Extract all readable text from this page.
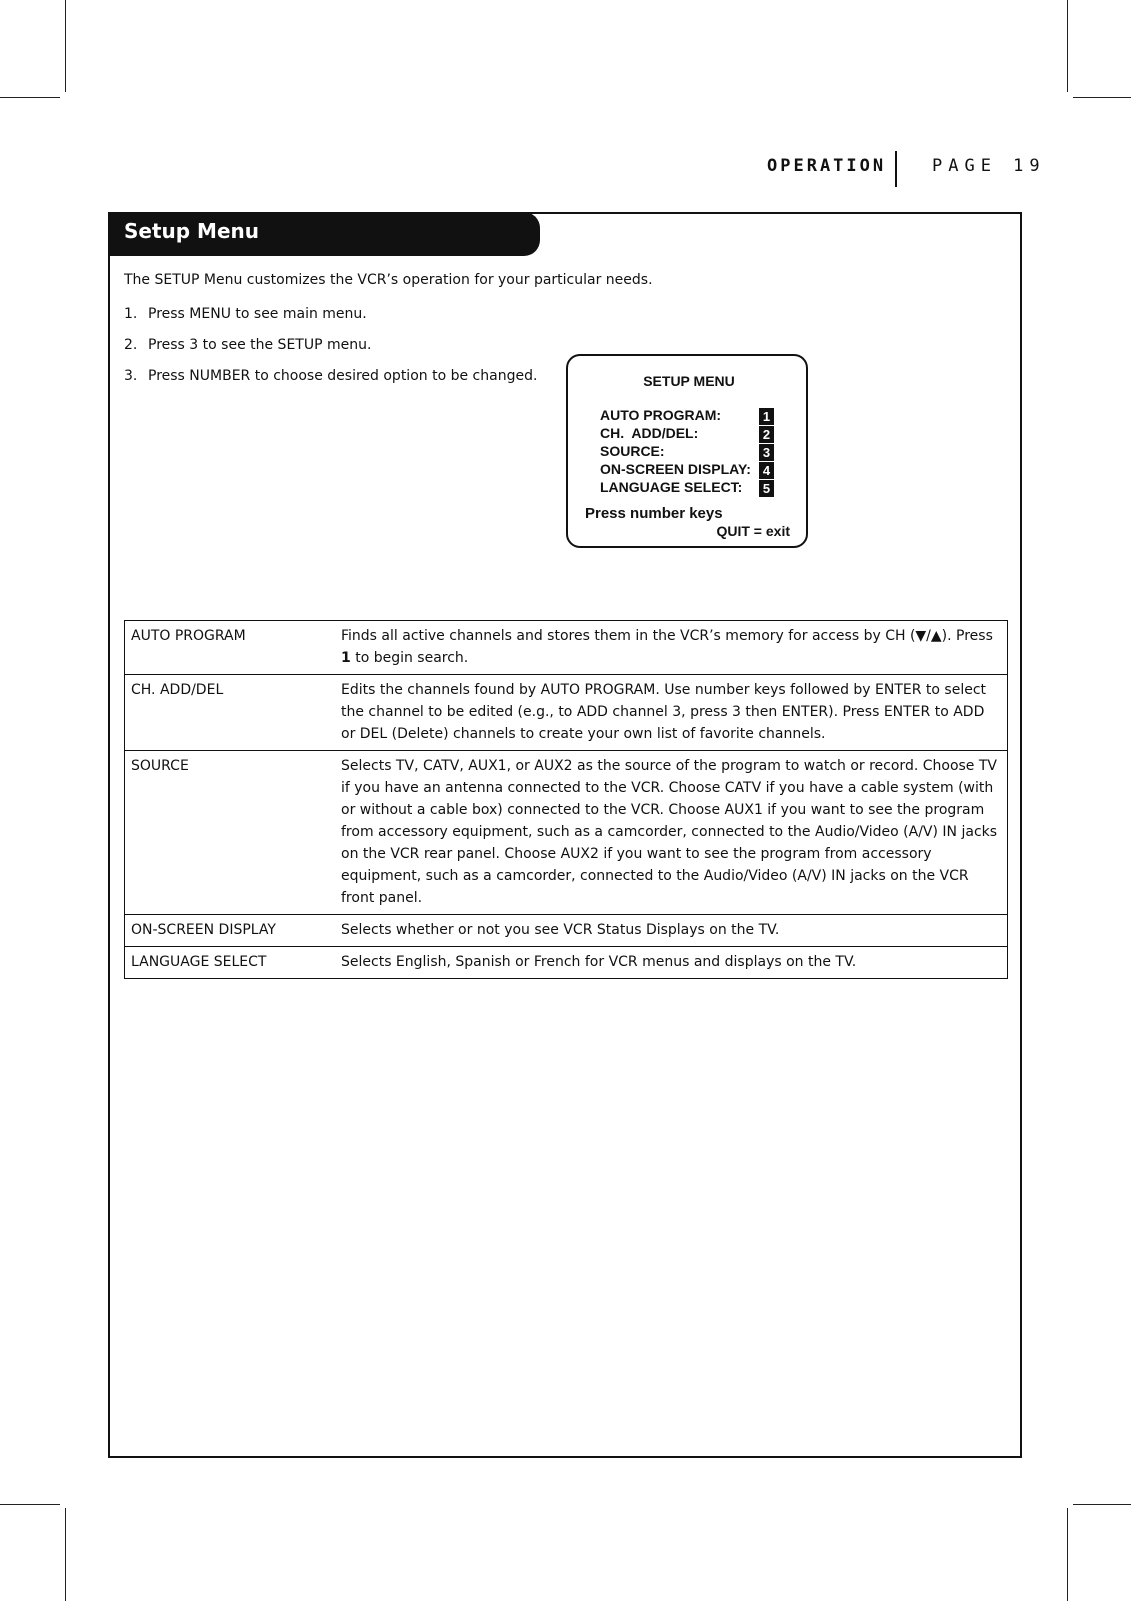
OPERATION	PAGE 19
Setup Menu
The SETUP Menu customizes the VCR’s operation for your particular needs.
1. Press MENU to see main menu.
2. Press 3 to see the SETUP menu.
3. Press NUMBER to choose desired option to be changed.	SETUP MENU
AUTO PROGRAM:	1
CH.  ADD/DEL:	2
SOURCE:	3
ON-SCREEN DISPLAY: 4
LANGUAGE SELECT: 5
Press number keys
QUIT = exit
AUTO PROGRAM	Finds all active channels and stores them in the VCR’s memory for access by CH (▼/▲). Press 1 to begin search.
CH. ADD/DEL	Edits the channels found by AUTO PROGRAM. Use number keys followed by ENTER to select the channel to be edited (e.g., to ADD channel 3, press 3 then ENTER). Press ENTER to ADD or DEL (Delete) channels to create your own list of favorite channels.
SOURCE	Selects TV, CATV, AUX1, or AUX2 as the source of the program to watch or record. Choose TV if you have an antenna connected to the VCR. Choose CATV if you have a cable system (with or without a cable box) connected to the VCR. Choose AUX1 if you want to see the program from accessory equipment, such as a camcorder, connected to the Audio/Video (A/V) IN jacks on the VCR rear panel. Choose AUX2 if you want to see the program from accessory equipment, such as a camcorder, connected to the Audio/Video (A/V) IN jacks on the VCR front panel.
ON-SCREEN DISPLAY	Selects whether or not you see VCR Status Displays on the TV.
LANGUAGE SELECT	Selects English, Spanish or French for VCR menus and displays on the TV.
